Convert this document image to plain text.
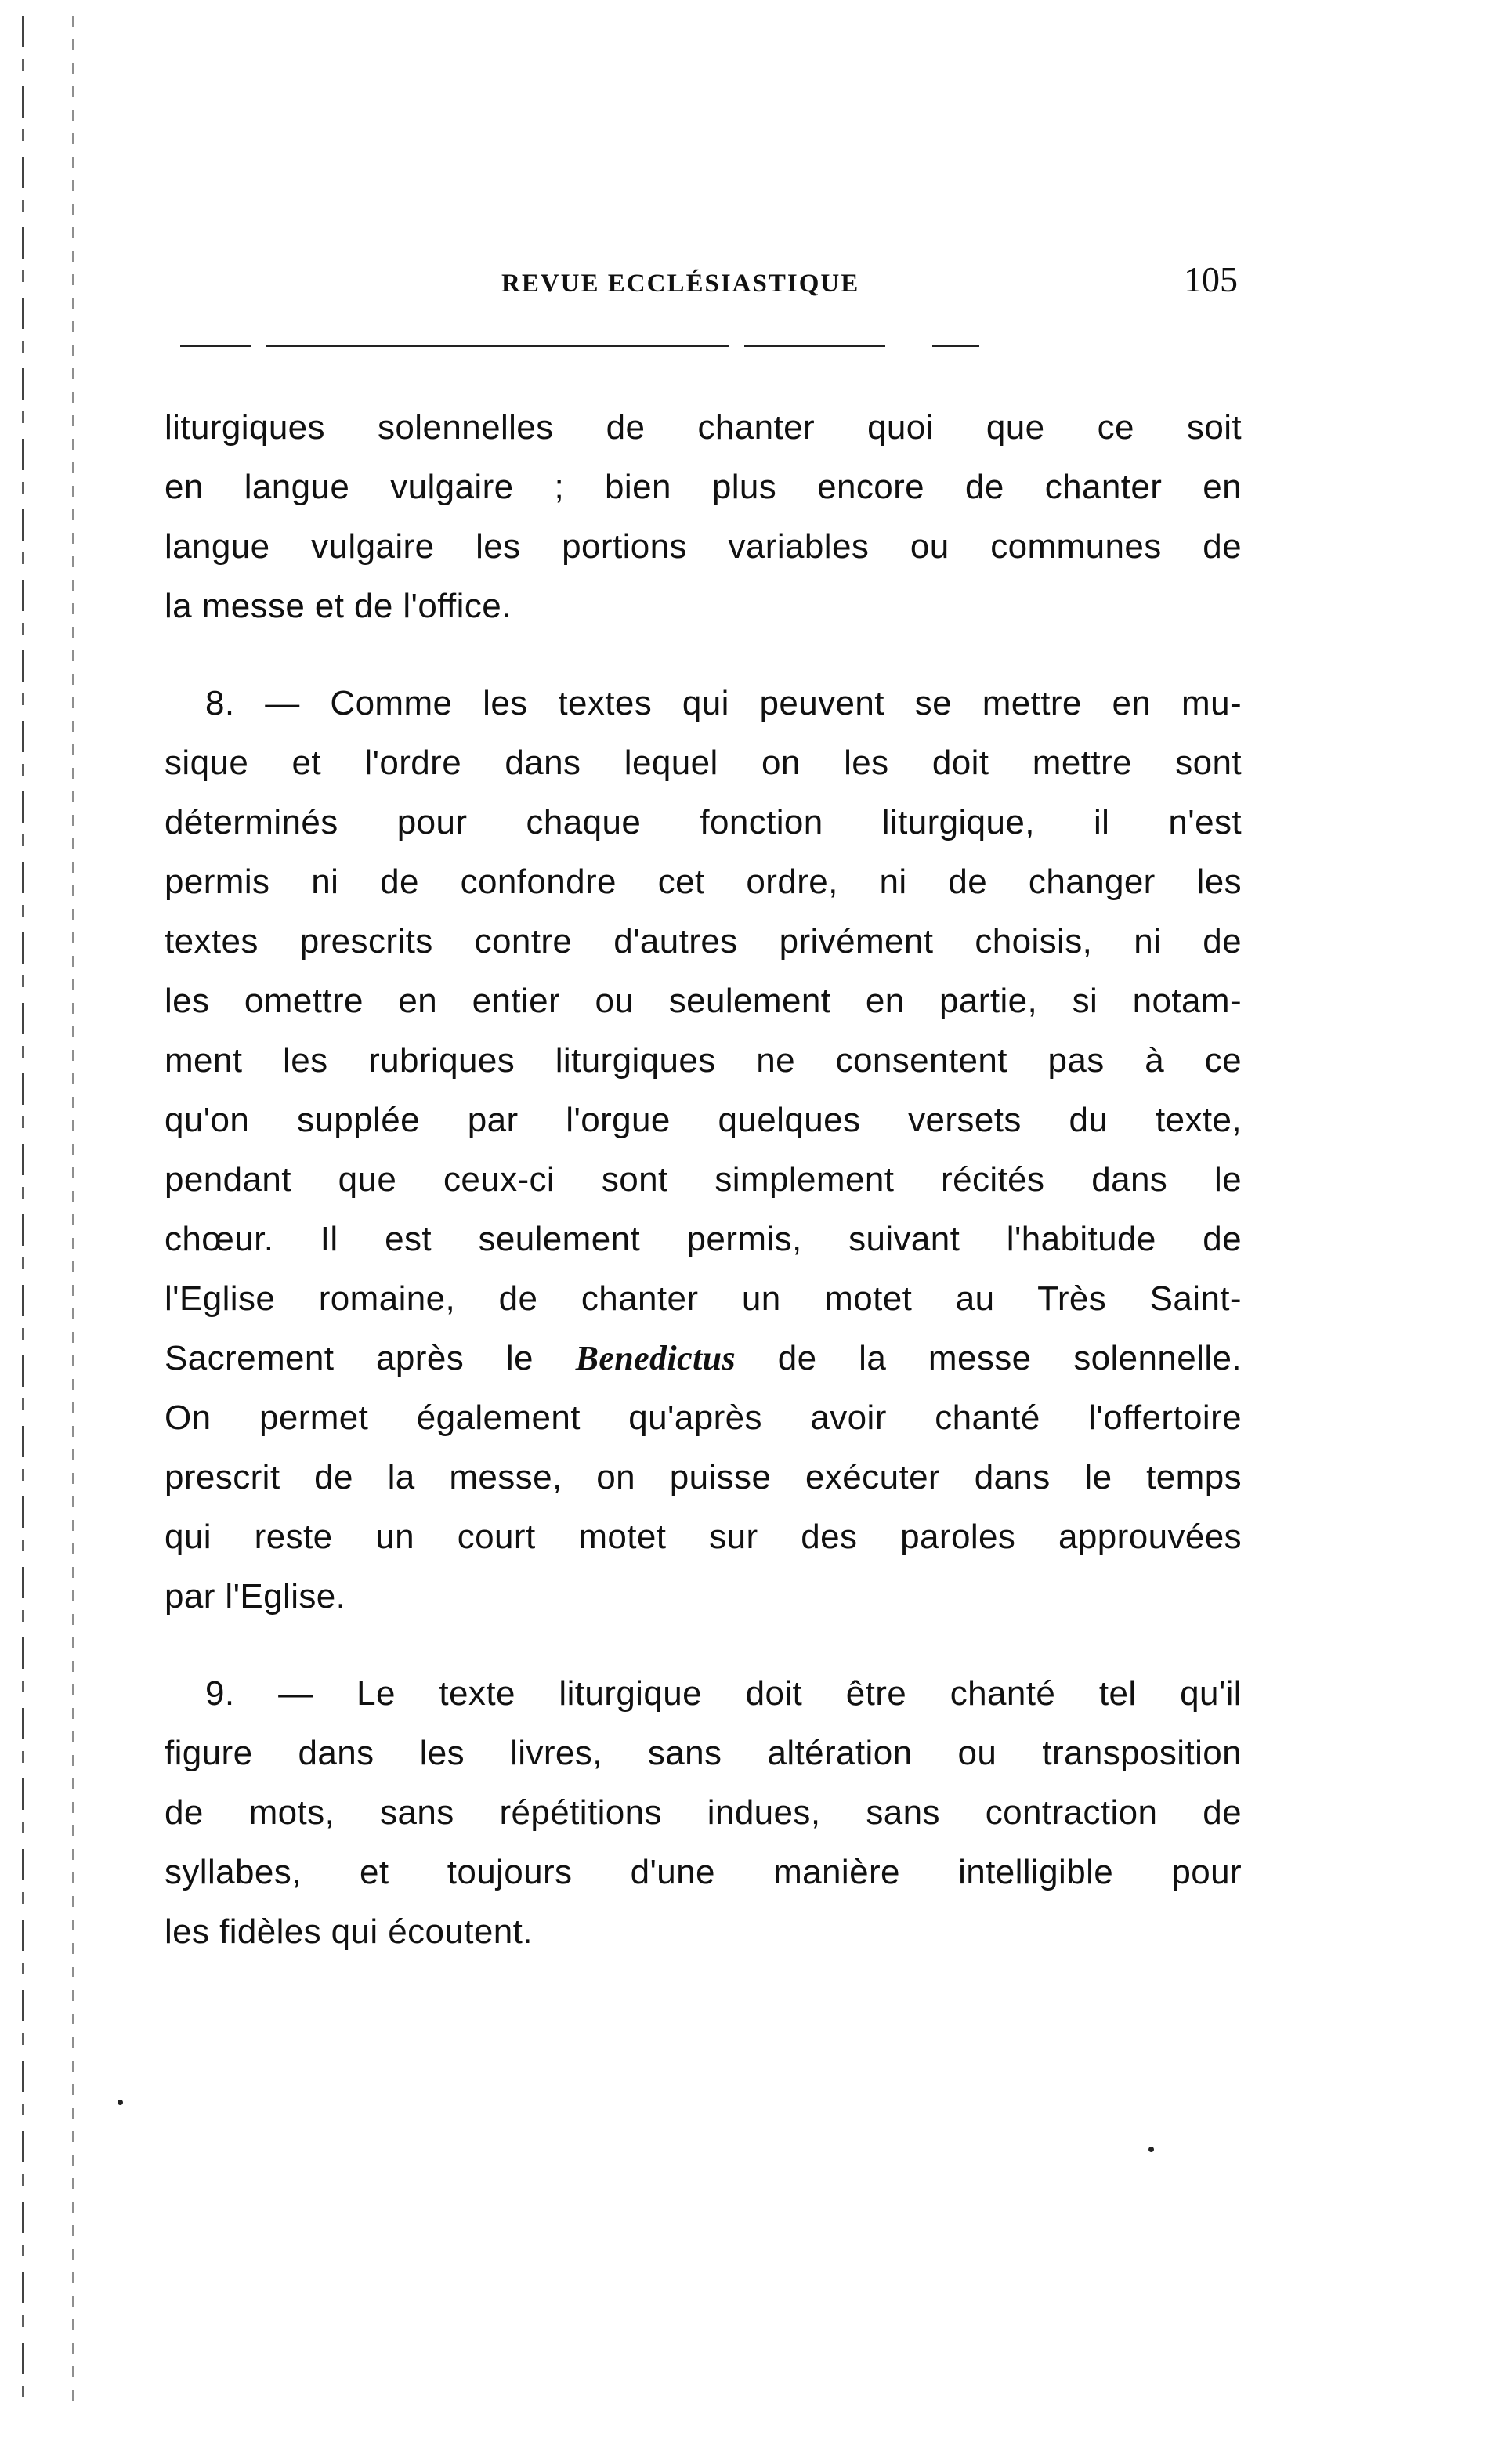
REVUE ECCLÉSIASTIQUE	105
liturgiques solennelles de chanter quoi que ce soit
en langue vulgaire ; bien plus encore de chanter en
langue vulgaire les portions variables ou communes de
la messe et de l'office.
8. — Comme les textes qui peuvent se mettre en mu-
sique et l'ordre dans lequel on les doit mettre sont
déterminés pour chaque fonction liturgique, il n'est
permis ni de confondre cet ordre, ni de changer les
textes prescrits contre d'autres privément choisis, ni de
les omettre en entier ou seulement en partie, si notam-
ment les rubriques liturgiques ne consentent pas à ce
qu'on supplée par l'orgue quelques versets du texte,
pendant que ceux-ci sont simplement récités dans le
chœur. Il est seulement permis, suivant l'habitude de
l'Eglise romaine, de chanter un motet au Très Saint-
Sacrement après le Benedictus de la messe solennelle.
On permet également qu'après avoir chanté l'offertoire
prescrit de la messe, on puisse exécuter dans le temps
qui reste un court motet sur des paroles approuvées
par l'Eglise.
9. — Le texte liturgique doit être chanté tel qu'il
figure dans les livres, sans altération ou transposition
de mots, sans répétitions indues, sans contraction de
syllabes, et toujours d'une manière intelligible pour
les fidèles qui écoutent.
